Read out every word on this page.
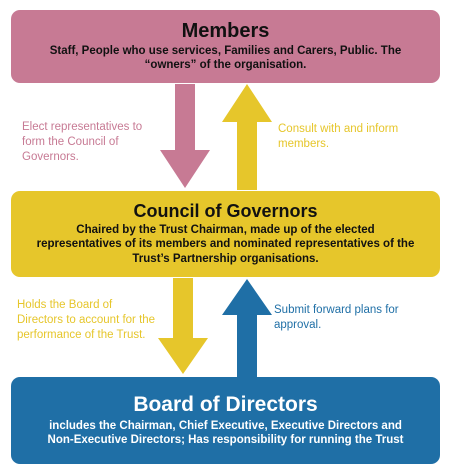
Members
Staff, People who use services, Families and Carers, Public. The “owners” of the organisation.
Council of Governors
Chaired by the Trust Chairman, made up of the elected representatives of its members and nominated representatives of the Trust’s Partnership organisations.
Board of Directors
includes the Chairman, Chief Executive, Executive Directors and Non-Executive Directors; Has responsibility for running the Trust
Elect representatives to form the Council of Governors.
Consult with and inform members.
Holds the Board of Directors to account for the performance of the Trust.
Submit forward plans for approval.
